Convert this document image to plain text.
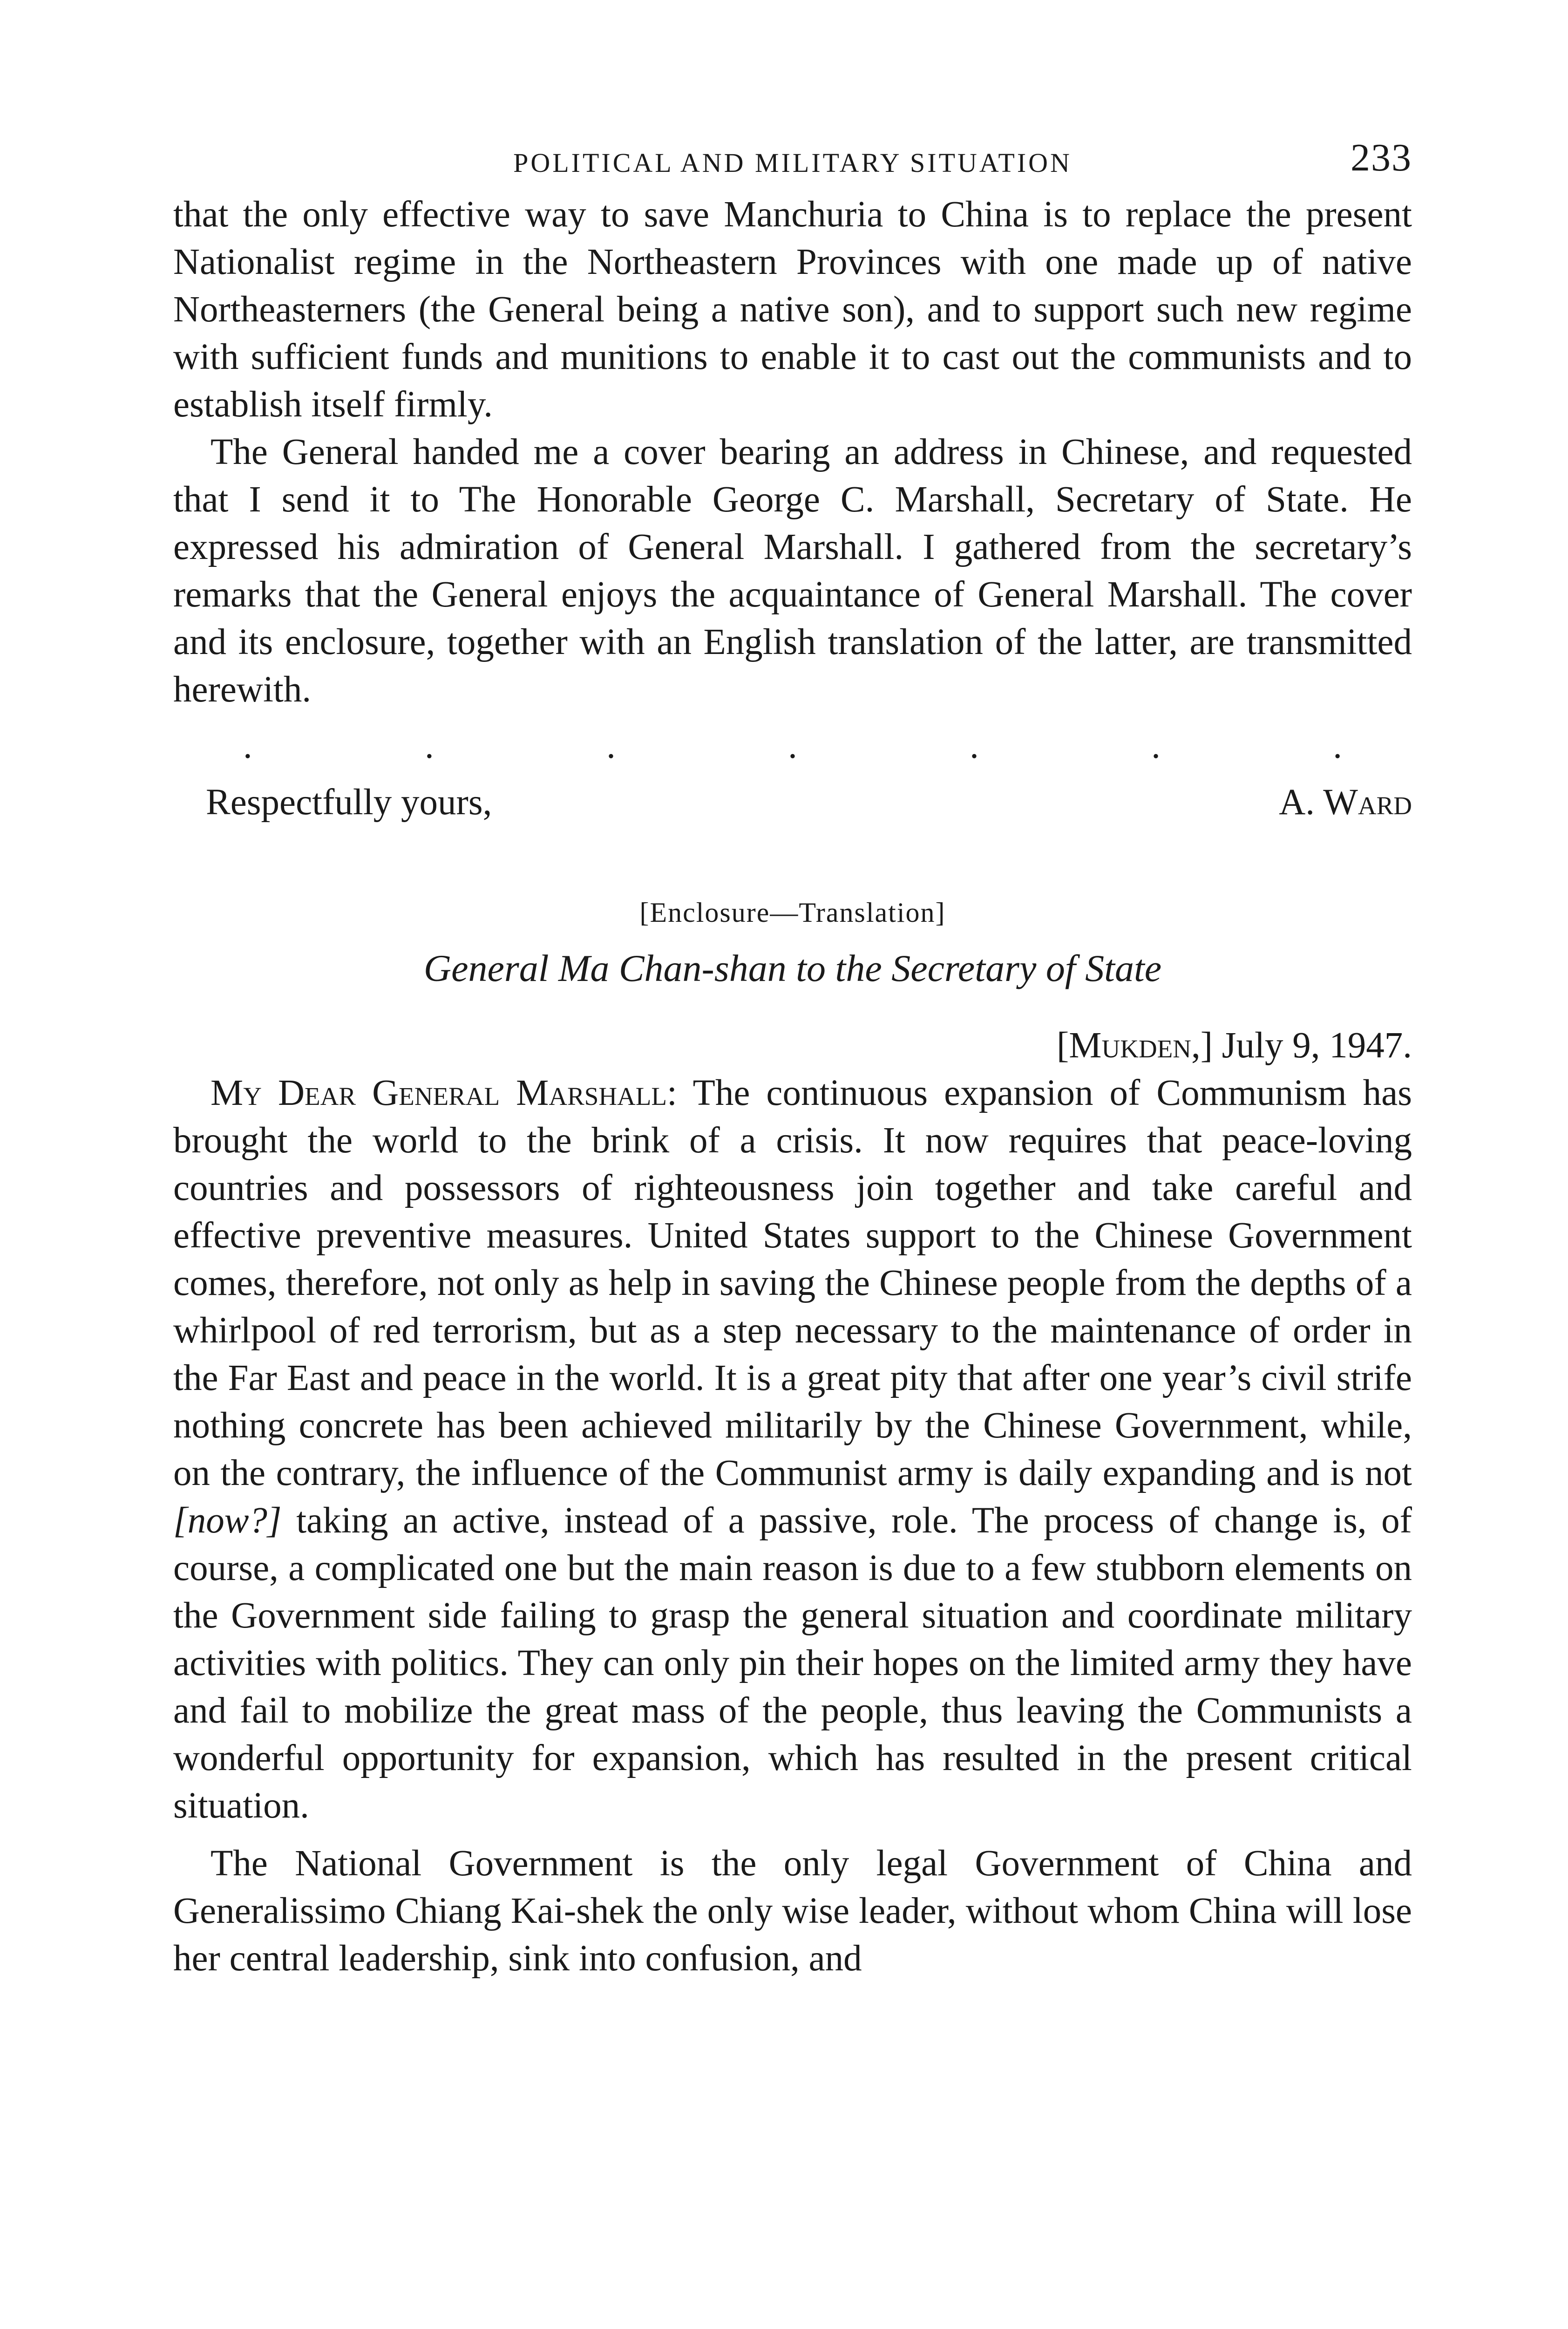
POLITICAL AND MILITARY SITUATION	233

that the only effective way to save Manchuria to China is to replace the present Nationalist regime in the Northeastern Provinces with one made up of native Northeasterners (the General being a native son), and to support such new regime with sufficient funds and munitions to enable it to cast out the communists and to establish itself firmly.

The General handed me a cover bearing an address in Chinese, and requested that I send it to The Honorable George C. Marshall, Secretary of State. He expressed his admiration of General Marshall. I gathered from the secretary’s remarks that the General enjoys the acquaintance of General Marshall. The cover and its enclosure, together with an English translation of the latter, are transmitted herewith.

.	.	.	.	.	.	.
Respectfully yours,	A. Ward
[Enclosure—Translation]
General Ma Chan-shan to the Secretary of State
[Mukden,] July 9, 1947.

My Dear General Marshall: The continuous expansion of Communism has brought the world to the brink of a crisis. It now requires that peace-loving countries and possessors of righteousness join together and take careful and effective preventive measures. United States support to the Chinese Government comes, therefore, not only as help in saving the Chinese people from the depths of a whirlpool of red terrorism, but as a step necessary to the maintenance of order in the Far East and peace in the world. It is a great pity that after one year’s civil strife nothing concrete has been achieved militarily by the Chinese Government, while, on the contrary, the influence of the Communist army is daily expanding and is not [now?] taking an active, instead of a passive, role. The process of change is, of course, a complicated one but the main reason is due to a few stubborn elements on the Government side failing to grasp the general situation and coordinate military activities with politics. They can only pin their hopes on the limited army they have and fail to mobilize the great mass of the people, thus leaving the Communists a wonderful opportunity for expansion, which has resulted in the present critical situation.

The National Government is the only legal Government of China and Generalissimo Chiang Kai-shek the only wise leader, without whom China will lose her central leadership, sink into confusion, and
